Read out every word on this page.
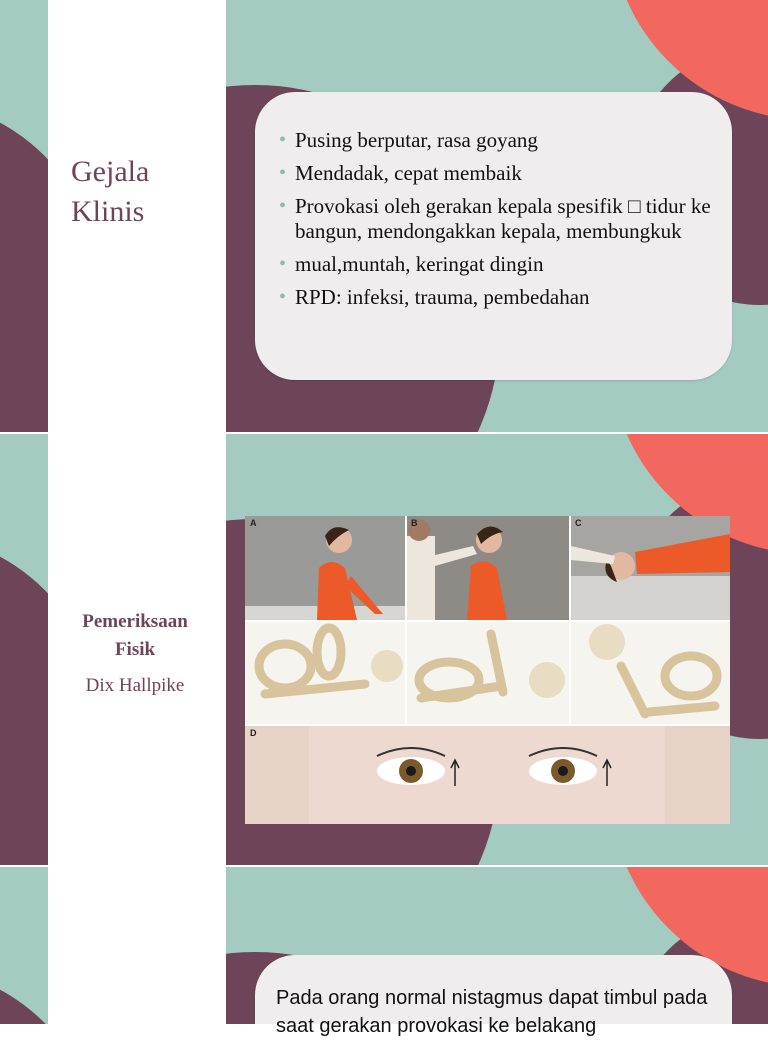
Gejala Klinis
• Pusing berputar, rasa goyang
• Mendadak, cepat membaik
• Provokasi oleh gerakan kepala spesifik □ tidur ke bangun, mendongakkan kepala, membungkuk
• mual,muntah, keringat dingin
• RPD: infeksi, trauma, pembedahan
Pemeriksaan Fisik
Dix Hallpike
A	B	C
D
Pada orang normal nistagmus dapat timbul pada saat gerakan provokasi ke belakang
